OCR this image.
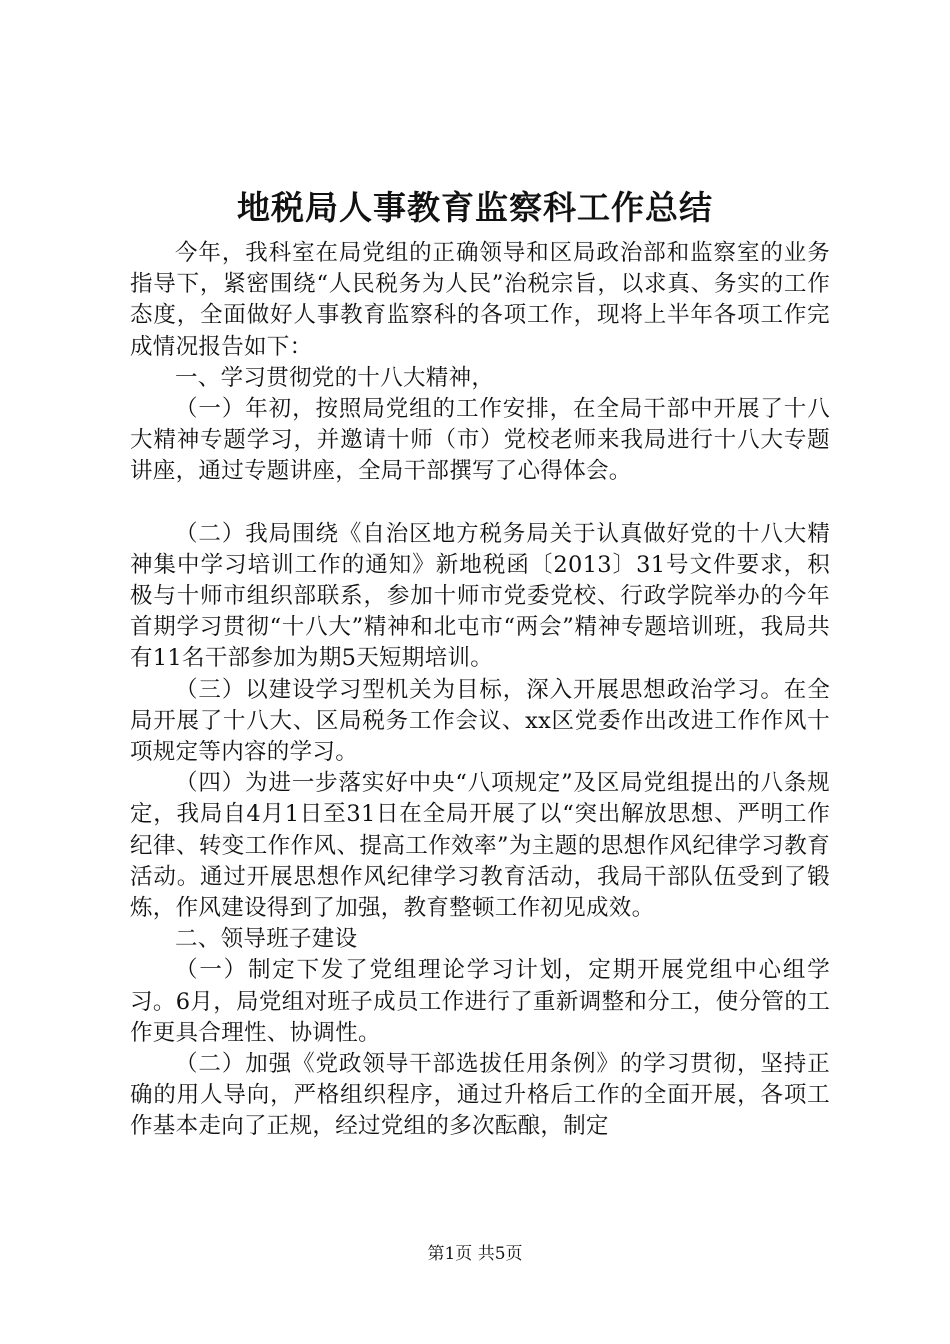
地税局人事教育监察科工作总结

今年，我科室在局党组的正确领导和区局政治部和监察室的业务指导下，紧密围绕“人民税务为人民”治税宗旨，以求真、务实的工作态度，全面做好人事教育监察科的各项工作，现将上半年各项工作完成情况报告如下：

一、学习贯彻党的十八大精神，

（一）年初，按照局党组的工作安排，在全局干部中开展了十八大精神专题学习，并邀请十师（市）党校老师来我局进行十八大专题讲座，通过专题讲座，全局干部撰写了心得体会。

（二）我局围绕《自治区地方税务局关于认真做好党的十八大精神集中学习培训工作的通知》新地税函〔2013〕31号文件要求，积极与十师市组织部联系，参加十师市党委党校、行政学院举办的今年首期学习贯彻“十八大”精神和北屯市“两会”精神专题培训班，我局共有11名干部参加为期5天短期培训。

（三）以建设学习型机关为目标，深入开展思想政治学习。在全局开展了十八大、区局税务工作会议、xx区党委作出改进工作作风十项规定等内容的学习。

（四）为进一步落实好中央“八项规定”及区局党组提出的八条规定，我局自4月1日至31日在全局开展了以“突出解放思想、严明工作纪律、转变工作作风、提高工作效率”为主题的思想作风纪律学习教育活动。通过开展思想作风纪律学习教育活动，我局干部队伍受到了锻炼，作风建设得到了加强，教育整顿工作初见成效。

二、领导班子建设

（一）制定下发了党组理论学习计划，定期开展党组中心组学习。6月，局党组对班子成员工作进行了重新调整和分工，使分管的工作更具合理性、协调性。

（二）加强《党政领导干部选拔任用条例》的学习贯彻，坚持正确的用人导向，严格组织程序，通过升格后工作的全面开展，各项工作基本走向了正规，经过党组的多次酝酿，制定

第1页 共5页
